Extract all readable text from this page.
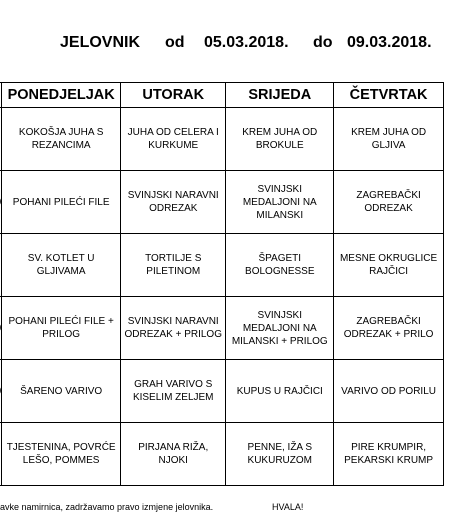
JELOVNIK

od

05.03.2018.

do

09.03.2018.

	PONEDJELJAK	UTORAK	SRIJEDA	ČETVRTAK
	KOKOŠJA JUHA S REZANCIMA	JUHA OD CELERA I KURKUME	KREM JUHA OD BROKULE	KREM JUHA OD GLJIVA
	POHANI PILEĆI FILE	SVINJSKI NARAVNI ODREZAK	SVINJSKI MEDALJONI NA MILANSKI	ZAGREBAČKI ODREZAK
	SV. KOTLET U GLJIVAMA	TORTILJE S PILETINOM	ŠPAGETI BOLOGNESSE	MESNE OKRUGLICE RAJČICI
	POHANI PILEĆI FILE + PRILOG	SVINJSKI NARAVNI ODREZAK + PRILOG	SVINJSKI MEDALJONI NA MILANSKI + PRILOG	ZAGREBAČKI ODREZAK + PRILO
	ŠARENO VARIVO	GRAH VARIVO S KISELIM ZELJEM	KUPUS U RAJČICI	VARIVO OD PORILU
	TJESTENINA, POVRĆE LEŠO, POMMES	PIRJANA RIŽA, NJOKI	PENNE, IŽA S KUKURUZOM	PIRE KRUMPIR, PEKARSKI KRUMP
avke namirnica, zadržavamo pravo izmjene jelovnika.	HVALA!
